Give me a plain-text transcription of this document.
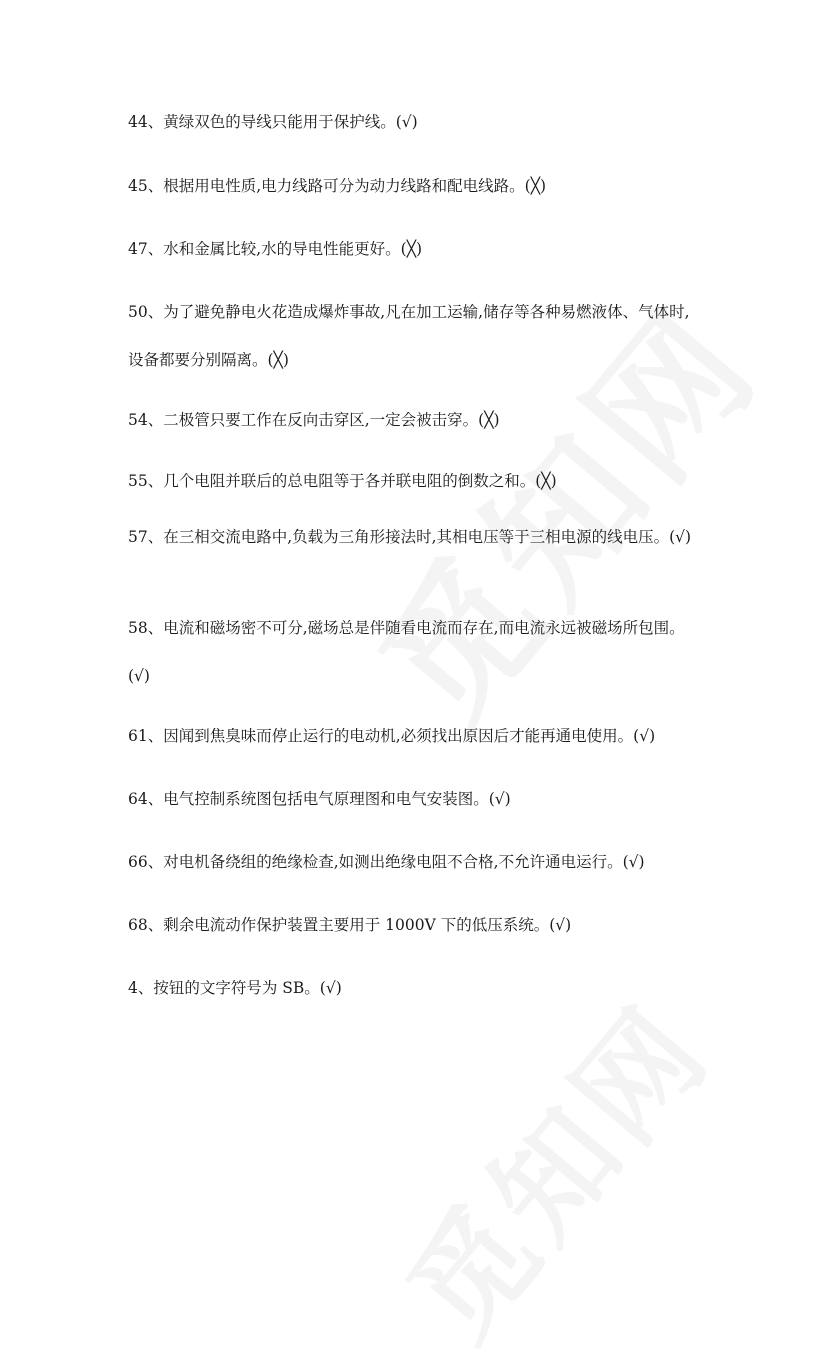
44、黄绿双色的导线只能用于保护线。(√)
45、根据用电性质,电力线路可分为动力线路和配电线路。(╳)
47、水和金属比较,水的导电性能更好。(╳)
50、为了避免静电火花造成爆炸事故,凡在加工运输,储存等各种易燃液体、气体时,设备都要分别隔离。(╳)
54、二极管只要工作在反向击穿区,一定会被击穿。(╳)
55、几个电阻并联后的总电阻等于各并联电阻的倒数之和。(╳)
57、在三相交流电路中,负载为三角形接法时,其相电压等于三相电源的线电压。(√)
58、电流和磁场密不可分,磁场总是伴随看电流而存在,而电流永远被磁场所包围。(√)
61、因闻到焦臭味而停止运行的电动机,必须找出原因后才能再通电使用。(√)
64、电气控制系统图包括电气原理图和电气安装图。(√)
66、对电机备绕组的绝缘检查,如测出绝缘电阻不合格,不允许通电运行。(√)
68、剩余电流动作保护装置主要用于 1000V 下的低压系统。(√)
4、按钮的文字符号为 SB。(√)
